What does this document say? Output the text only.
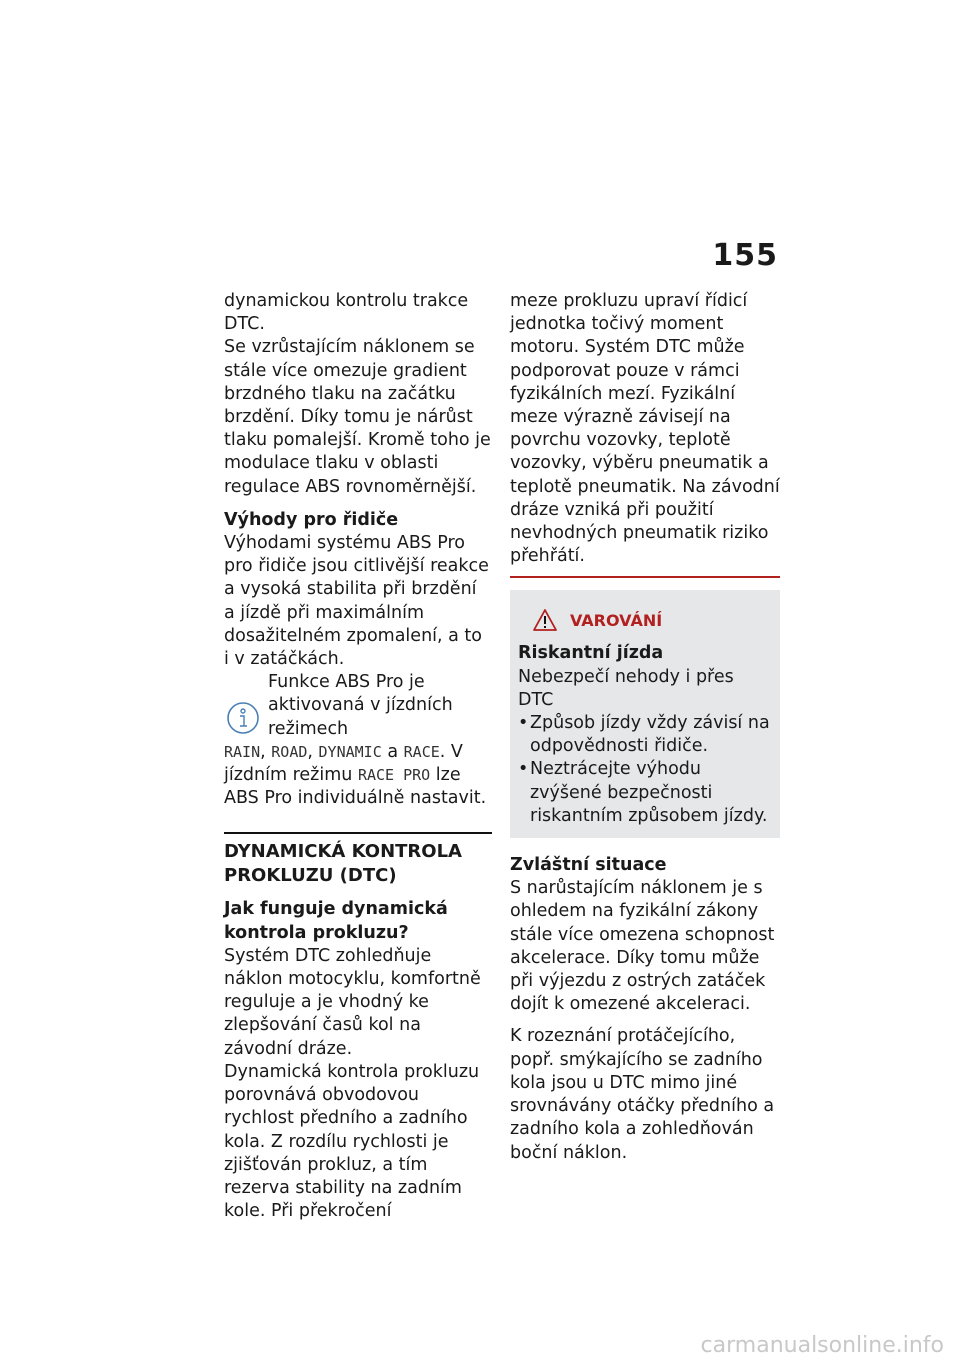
155

dynamickou kontrolu trakce DTC.

Se vzrůstajícím náklonem se stále více omezuje gradient brzdného tlaku na začátku brzdění. Díky tomu je nárůst tlaku pomalejší. Kromě toho je modulace tlaku v oblasti regulace ABS rovnoměrnější.

Výhody pro řidiče

Výhodami systému ABS Pro pro řidiče jsou citlivější reakce a vysoká stabilita při brzdění a jízdě při maximálním dosažitelném zpomalení, a to i v zatáčkách.

Funkce ABS Pro je aktivovaná v jízdních režimech
RAIN, ROAD, DYNAMIC a RACE. V jízdním režimu RACE PRO lze ABS Pro individuálně nastavit.

DYNAMICKÁ KONTROLA PROKLUZU (DTC)

Jak funguje dynamická kontrola prokluzu?

Systém DTC zohledňuje náklon motocyklu, komfortně reguluje a je vhodný ke zlepšování časů kol na závodní dráze.

Dynamická kontrola prokluzu porovnává obvodovou rychlost předního a zadního kola. Z rozdílu rychlosti je zjišťován prokluz, a tím rezerva stability na zadním kole. Při překročení

meze prokluzu upraví řídicí jednotka točivý moment motoru. Systém DTC může podporovat pouze v rámci fyzikálních mezí. Fyzikální meze výrazně závisejí na povrchu vozovky, teplotě vozovky, výběru pneumatik a teplotě pneumatik. Na závodní dráze vzniká při použití nevhodných pneumatik riziko přehřátí.

VAROVÁNÍ

Riskantní jízda

Nebezpečí nehody i přes DTC

• Způsob jízdy vždy závisí na odpovědnosti řidiče.
• Neztrácejte výhodu zvýšené bezpečnosti riskantním způsobem jízdy.

Zvláštní situace

S narůstajícím náklonem je s ohledem na fyzikální zákony stále více omezena schopnost akcelerace. Díky tomu může při výjezdu z ostrých zatáček dojít k omezené akceleraci.

K rozeznání protáčejícího, popř. smýkajícího se zadního kola jsou u DTC mimo jiné srovnávány otáčky předního a zadního kola a zohledňován boční náklon.

carmanualsonline.info
